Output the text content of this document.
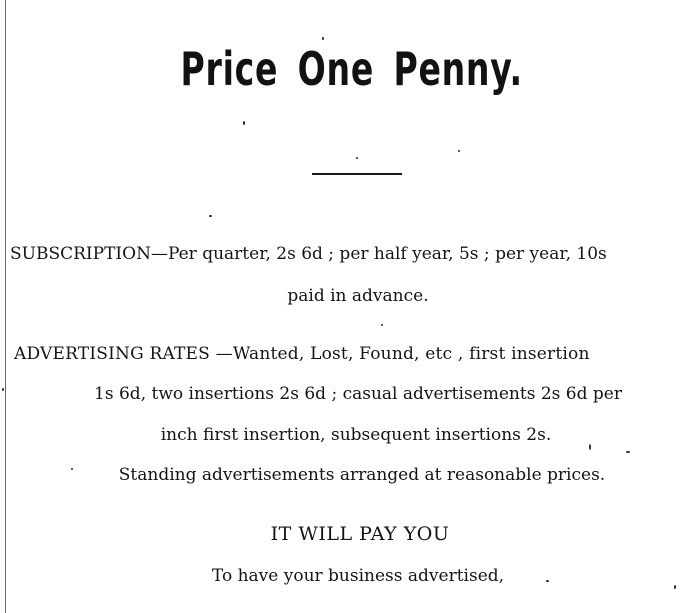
Price One Penny.
SUBSCRIPTION—Per quarter, 2s 6d ; per half year, 5s ; per year, 10s
paid in advance.
ADVERTISING RATES —Wanted, Lost, Found, etc , first insertion
1s 6d, two insertions 2s 6d ; casual advertisements 2s 6d per
inch first insertion, subsequent insertions 2s.
Standing advertisements arranged at reasonable prices.
IT WILL PAY YOU
To have your business advertised,
